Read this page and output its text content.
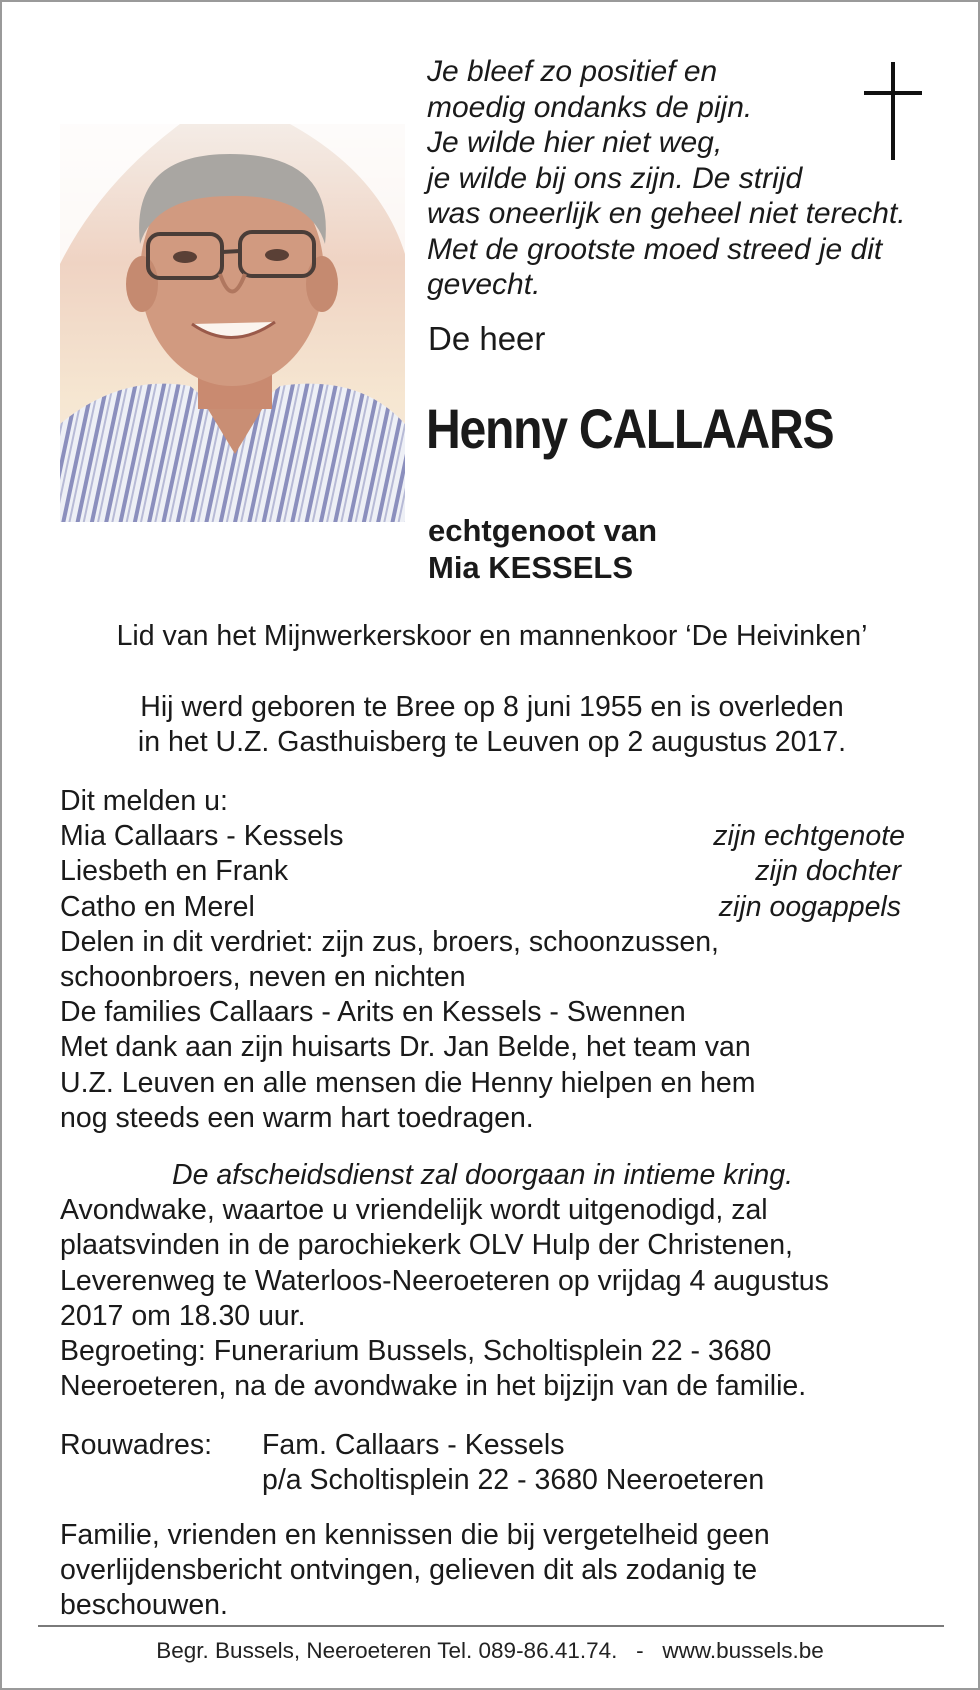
Je bleef zo positief en
moedig ondanks de pijn.
Je wilde hier niet weg,
je wilde bij ons zijn. De strijd
was oneerlijk en geheel niet terecht.
Met de grootste moed streed je dit
gevecht.
De heer
Henny CALLAARS
echtgenoot van
Mia KESSELS
Lid van het Mijnwerkerskoor en mannenkoor ‘De Heivinken’
Hij werd geboren te Bree op 8 juni 1955 en is overleden
in het U.Z. Gasthuisberg te Leuven op 2 augustus 2017.
Dit melden u:
Mia Callaars - Kessels	zijn echtgenote
Liesbeth en Frank	zijn dochter
Catho en Merel	zijn oogappels
Delen in dit verdriet: zijn zus, broers, schoonzussen,
schoonbroers, neven en nichten
De families Callaars - Arits en Kessels - Swennen
Met dank aan zijn huisarts Dr. Jan Belde, het team van
U.Z. Leuven en alle mensen die Henny hielpen en hem
nog steeds een warm hart toedragen.
De afscheidsdienst zal doorgaan in intieme kring.
Avondwake, waartoe u vriendelijk wordt uitgenodigd, zal
plaatsvinden in de parochiekerk OLV Hulp der Christenen,
Leverenweg te Waterloos-Neeroeteren op vrijdag 4 augustus
2017 om 18.30 uur.
Begroeting: Funerarium Bussels, Scholtisplein 22 - 3680
Neeroeteren, na de avondwake in het bijzijn van de familie.
Rouwadres: Fam. Callaars - Kessels
p/a Scholtisplein 22 - 3680 Neeroeteren
Familie, vrienden en kennissen die bij vergetelheid geen
overlijdensbericht ontvingen, gelieven dit als zodanig te
beschouwen.
Begr. Bussels, Neeroeteren Tel. 089-86.41.74.   -   www.bussels.be
